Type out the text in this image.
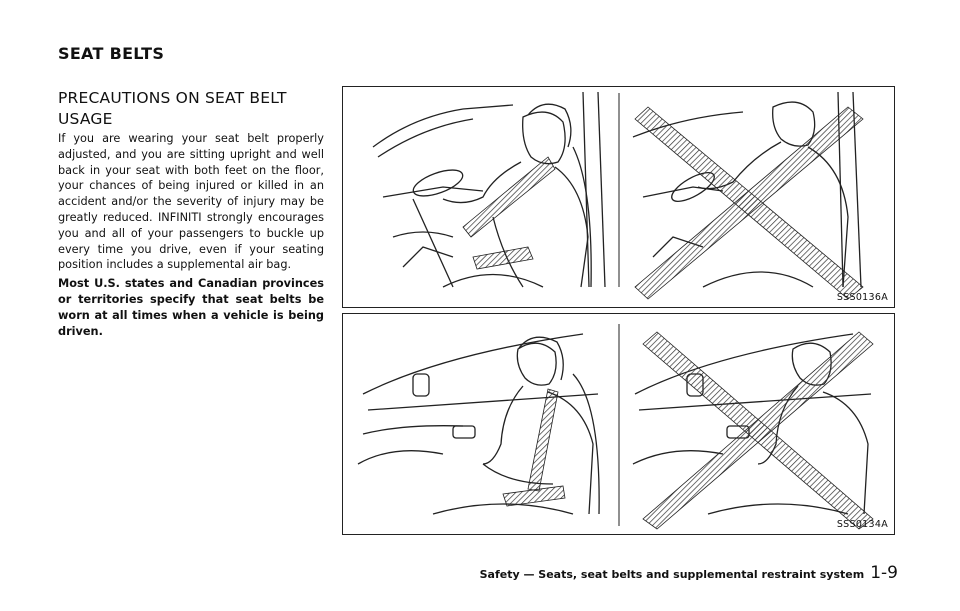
SEAT BELTS
PRECAUTIONS ON SEAT BELT USAGE

If you are wearing your seat belt properly adjusted, and you are sitting upright and well back in your seat with both feet on the floor, your chances of being injured or killed in an accident and/or the severity of injury may be greatly reduced. INFINITI strongly encourages you and all of your passengers to buckle up every time you drive, even if your seating position includes a supplemental air bag.

Most U.S. states and Canadian provinces or territories specify that seat belts be worn at all times when a vehicle is being driven.

SSS0136A
SSS0134A
Safety — Seats, seat belts and supplemental restraint system 1-9
